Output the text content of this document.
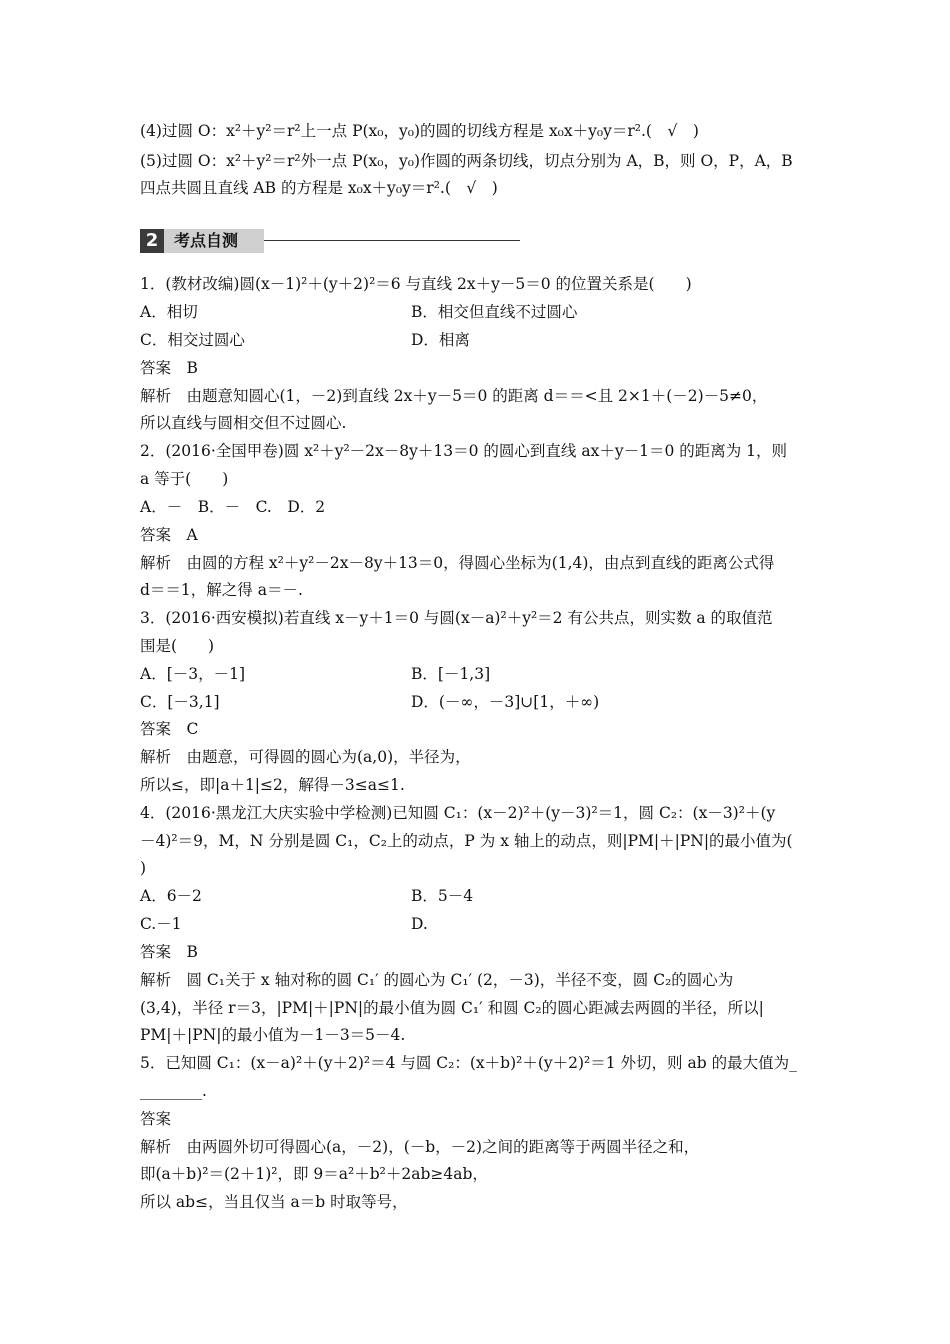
(4)过圆 O：x²＋y²＝r²上一点 P(x₀，y₀)的圆的切线方程是 x₀x＋y₀y＝r².(　√　)

(5)过圆 O：x²＋y²＝r²外一点 P(x₀，y₀)作圆的两条切线，切点分别为 A，B，则 O，P，A，B

四点共圆且直线 AB 的方程是 x₀x＋y₀y＝r².(　√　)

2 考点自测

1．(教材改编)圆(x－1)²＋(y＋2)²＝6 与直线 2x＋y－5＝0 的位置关系是(　　)

A．相切	B．相交但直线不过圆心

C．相交过圆心	D．相离

答案　B

解析　由题意知圆心(1，－2)到直线 2x＋y－5＝0 的距离 d＝＝<且 2×1＋(－2)－5≠0，

所以直线与圆相交但不过圆心.

2．(2016·全国甲卷)圆 x²＋y²－2x－8y＋13＝0 的圆心到直线 ax＋y－1＝0 的距离为 1，则

a 等于(　　)

A．－　B．－　C.　D．2

答案　A

解析　由圆的方程 x²＋y²－2x－8y＋13＝0，得圆心坐标为(1,4)，由点到直线的距离公式得

d＝＝1，解之得 a＝－.

3．(2016·西安模拟)若直线 x－y＋1＝0 与圆(x－a)²＋y²＝2 有公共点，则实数 a 的取值范

围是(　　)

A．[－3，－1]	B．[－1,3]

C．[－3,1]	D．(－∞，－3]∪[1，＋∞)

答案　C

解析　由题意，可得圆的圆心为(a,0)，半径为，

所以≤，即|a＋1|≤2，解得－3≤a≤1.

4．(2016·黑龙江大庆实验中学检测)已知圆 C₁：(x－2)²＋(y－3)²＝1，圆 C₂：(x－3)²＋(y

－4)²＝9，M，N 分别是圆 C₁，C₂上的动点，P 为 x 轴上的动点，则|PM|＋|PN|的最小值为(

)

A．6－2	B．5－4

C.－1	D.

答案　B

解析　圆 C₁关于 x 轴对称的圆 C₁′ 的圆心为 C₁′ (2，－3)，半径不变，圆 C₂的圆心为

(3,4)，半径 r＝3，|PM|＋|PN|的最小值为圆 C₁′ 和圆 C₂的圆心距减去两圆的半径，所以|

PM|＋|PN|的最小值为－1－3＝5－4.

5．已知圆 C₁：(x－a)²＋(y＋2)²＝4 与圆 C₂：(x＋b)²＋(y＋2)²＝1 外切，则 ab 的最大值为_

________.

答案

解析　由两圆外切可得圆心(a，－2)，(－b，－2)之间的距离等于两圆半径之和，

即(a＋b)²＝(2＋1)²，即 9＝a²＋b²＋2ab≥4ab，

所以 ab≤，当且仅当 a＝b 时取等号，
